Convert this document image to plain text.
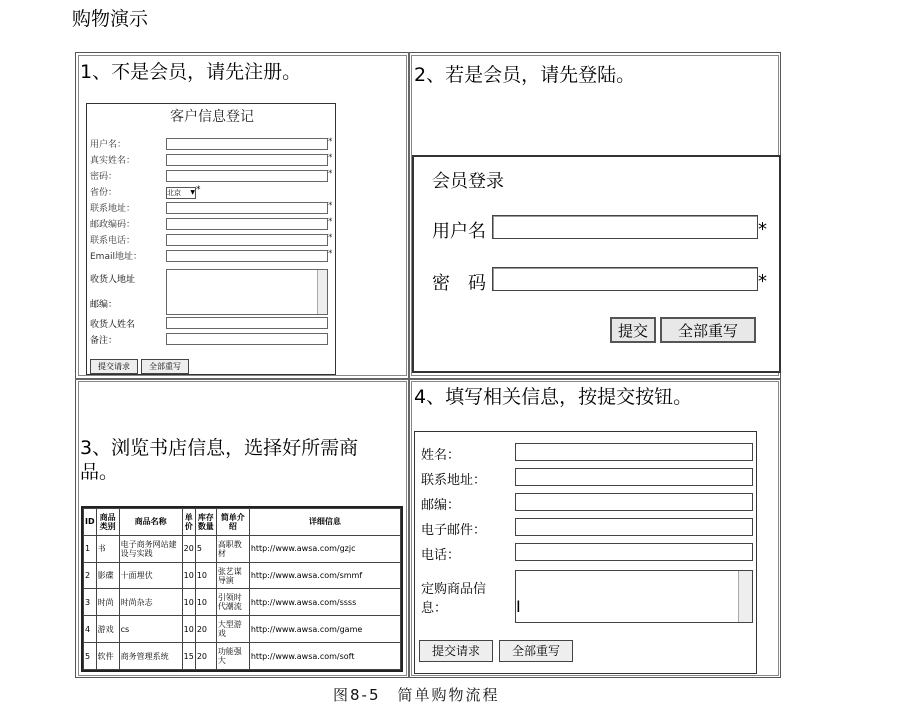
购物演示
1、不是会员，请先注册。	2、若是会员，请先登陆。
3、浏览书店信息，选择好所需商品。
4、填写相关信息，按提交按钮。
客户信息登记
用户名：	*
真实姓名：	*
密码：	*
省份：	北京 ▼ *
联系地址：	*
邮政编码：	*
联系电话：	*
Email地址：	*
收货人地址
邮编：
收货人姓名
备注：
提交请求	全部重写
会员登录
用户名	*
密　码	*
提交	全部重写
ID	商品类别	商品名称	单价	库存数量	简单介绍	详细信息
1	书	电子商务网站建设与实践	20	5	高职教材	http://www.awsa.com/gzjc
2	影碟	十面埋伏	10	10	张艺谋导演	http://www.awsa.com/smmf
3	时尚	时尚杂志	10	10	引领时代潮流	http://www.awsa.com/ssss
4	游戏	cs	10	20	大型游戏	http://www.awsa.com/game
5	软件	商务管理系统	15	20	功能强大	http://www.awsa.com/soft
姓名：
联系地址：
邮编：
电子邮件：
电话：
定购商品信息：	I
提交请求	全部重写
图8-5　简单购物流程
